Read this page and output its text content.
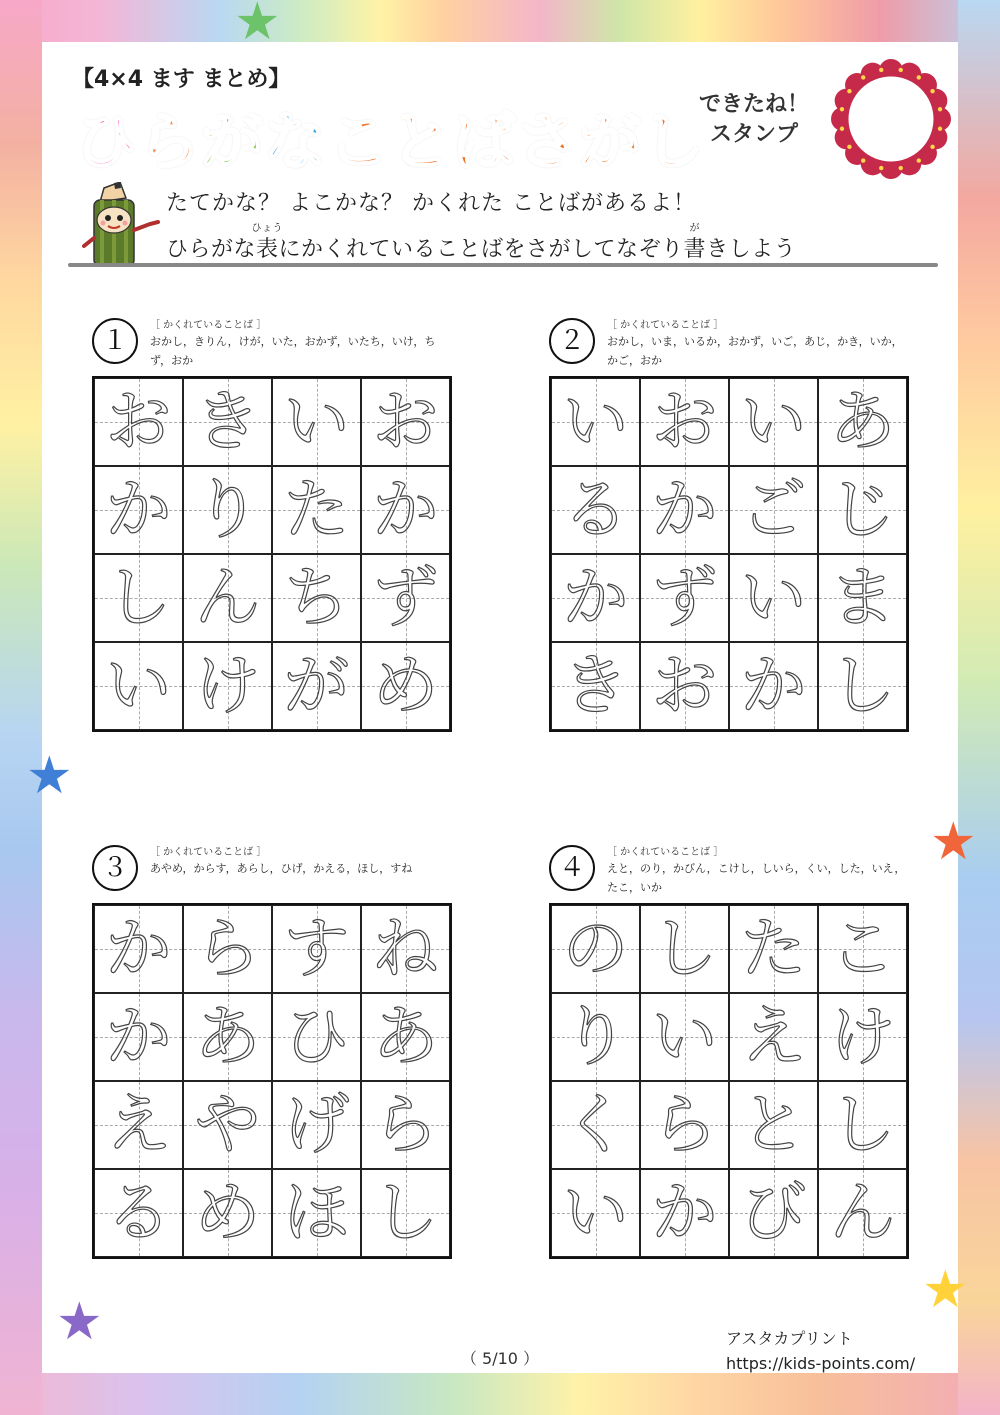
★
★
★
★
★
【4×4 ます まとめ】
ひらがなことばさがし
できたね！
スタンプ
たてかな？ よこかな？ かくれた ことばがあるよ！
ひらがな
ひょう
表にかくれていることばをさがしてなぞり
が
書きしよう
１
［ かくれていることば ］
おかし，きりん，けが，いた，おかず，いたち，いけ，ちず，おか
お き い お
か り た か
し ん ち ず
い け が め
２
［ かくれていることば ］
おかし，いま，いるか，おかず，いご，あじ，かき，いか，かご，おか
い お い あ
る か ご じ
か ず い ま
き お か し
３
［ かくれていることば ］
あやめ，からす，あらし，ひげ，かえる，ほし，すね
か ら す ね
か あ ひ あ
え や げ ら
る め ほ し
４
［ かくれていることば ］
えと，のり，かびん，こけし，しいら，くい，した，いえ，たこ，いか
の し た こ
り い え け
く ら と し
い か び ん
（ 5/10 ）
アスタカプリント
https://kids-points.com/
